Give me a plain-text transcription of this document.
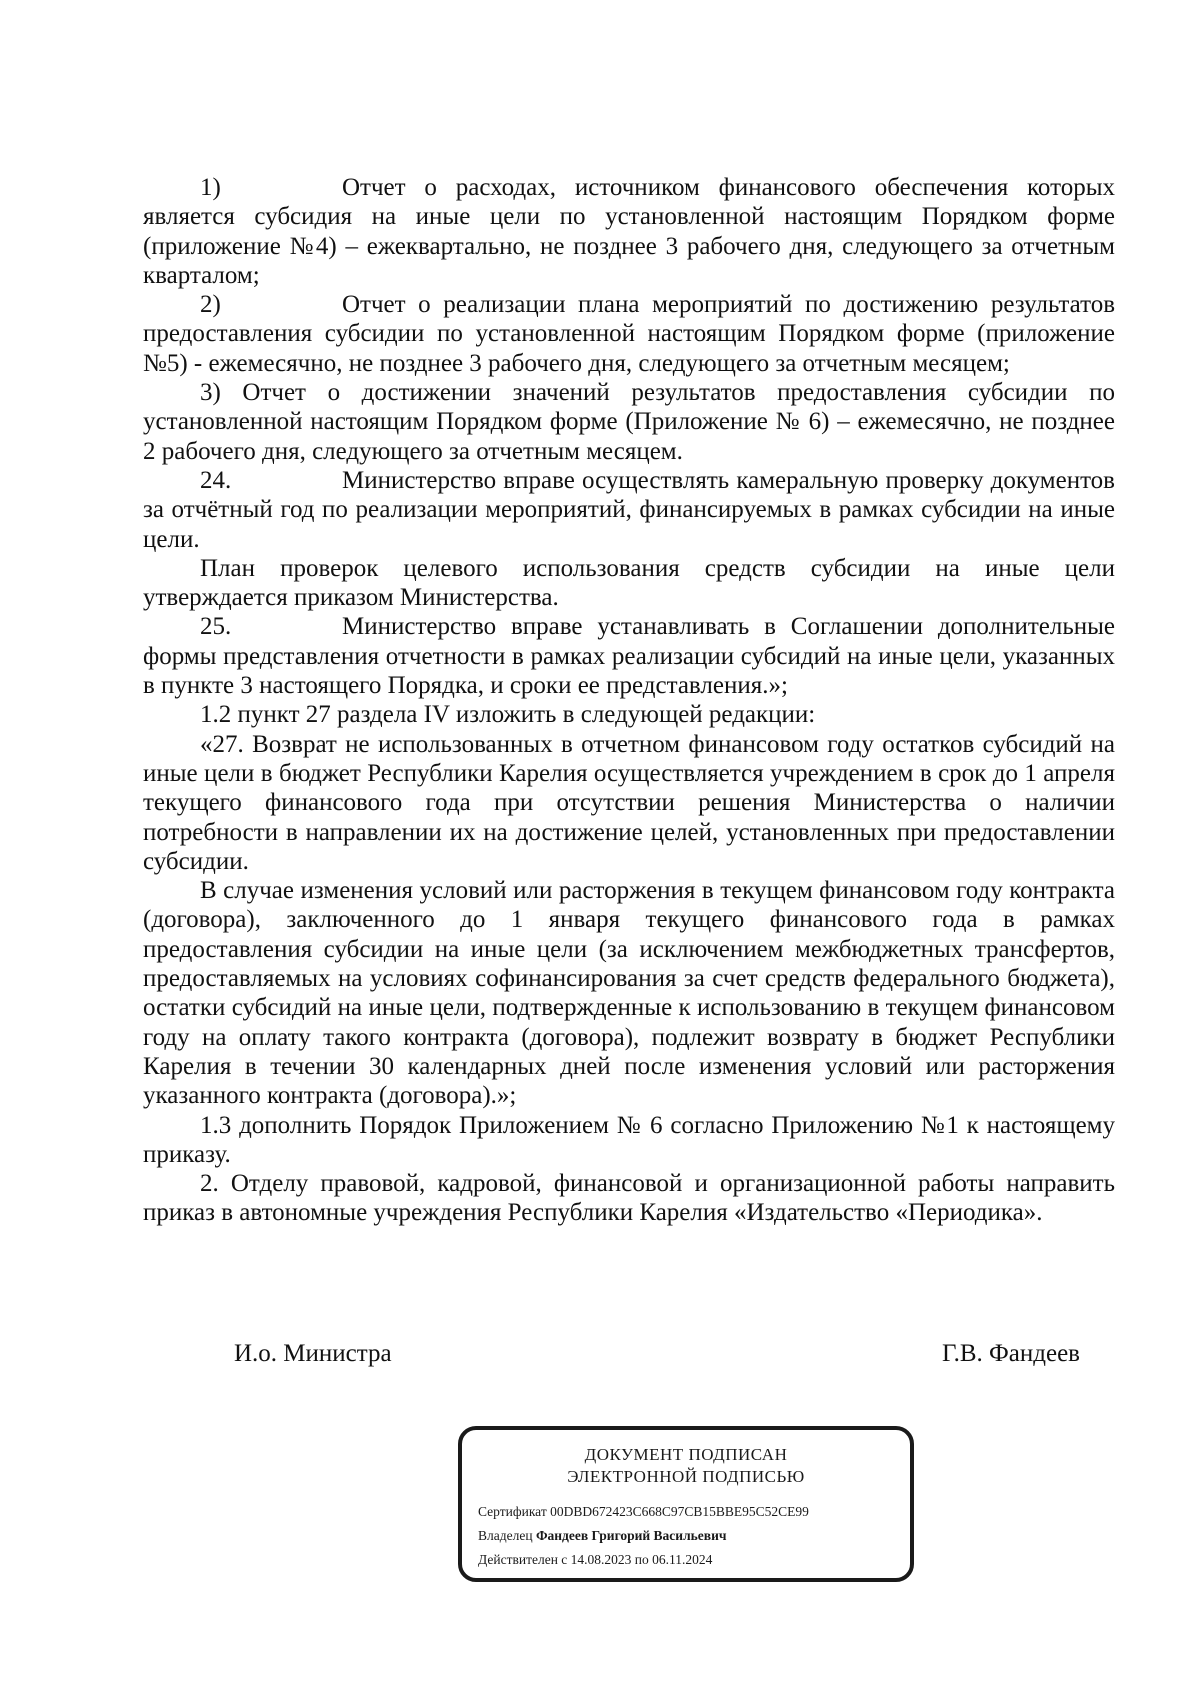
1)	Отчет о расходах, источником финансового обеспечения которых является субсидия на иные цели по установленной настоящим Порядком форме (приложение №4) – ежеквартально, не позднее 3 рабочего дня, следующего за отчетным кварталом;

2)	Отчет о реализации плана мероприятий по достижению результатов предоставления субсидии по установленной настоящим Порядком форме (приложение №5) - ежемесячно, не позднее 3 рабочего дня, следующего за отчетным месяцем;

3) Отчет о достижении значений результатов предоставления субсидии по установленной настоящим Порядком форме (Приложение № 6) – ежемесячно, не позднее 2 рабочего дня, следующего за отчетным месяцем.

24.	Министерство вправе осуществлять камеральную проверку документов за отчётный год по реализации мероприятий, финансируемых в рамках субсидии на иные цели.

План проверок целевого использования средств субсидии на иные цели утверждается приказом Министерства.

25.	Министерство вправе устанавливать в Соглашении дополнительные формы представления отчетности в рамках реализации субсидий на иные цели, указанных в пункте 3 настоящего Порядка, и сроки ее представления.»;

1.2 пункт 27 раздела IV изложить в следующей редакции:

«27. Возврат не использованных в отчетном финансовом году остатков субсидий на иные цели в бюджет Республики Карелия осуществляется учреждением в срок до 1 апреля текущего финансового года при отсутствии решения Министерства о наличии потребности в направлении их на достижение целей, установленных при предоставлении субсидии.

В случае изменения условий или расторжения в текущем финансовом году контракта (договора), заключенного до 1 января текущего финансового года в рамках предоставления субсидии на иные цели (за исключением межбюджетных трансфертов, предоставляемых на условиях софинансирования за счет средств федерального бюджета), остатки субсидий на иные цели, подтвержденные к использованию в текущем финансовом году на оплату такого контракта (договора), подлежит возврату в бюджет Республики Карелия в течении 30 календарных дней после изменения условий или расторжения указанного контракта (договора).»;

1.3 дополнить Порядок Приложением № 6 согласно Приложению №1 к настоящему приказу.

2. Отделу правовой, кадровой, финансовой и организационной работы направить приказ в автономные учреждения Республики Карелия «Издательство «Периодика».

И.о. Министра	Г.В. Фандеев
ДОКУМЕНТ ПОДПИСАН
ЭЛЕКТРОННОЙ ПОДПИСЬЮ
Сертификат 00DBD672423C668C97CB15BBE95C52CE99
Владелец Фандеев Григорий Васильевич
Действителен с 14.08.2023 по 06.11.2024
